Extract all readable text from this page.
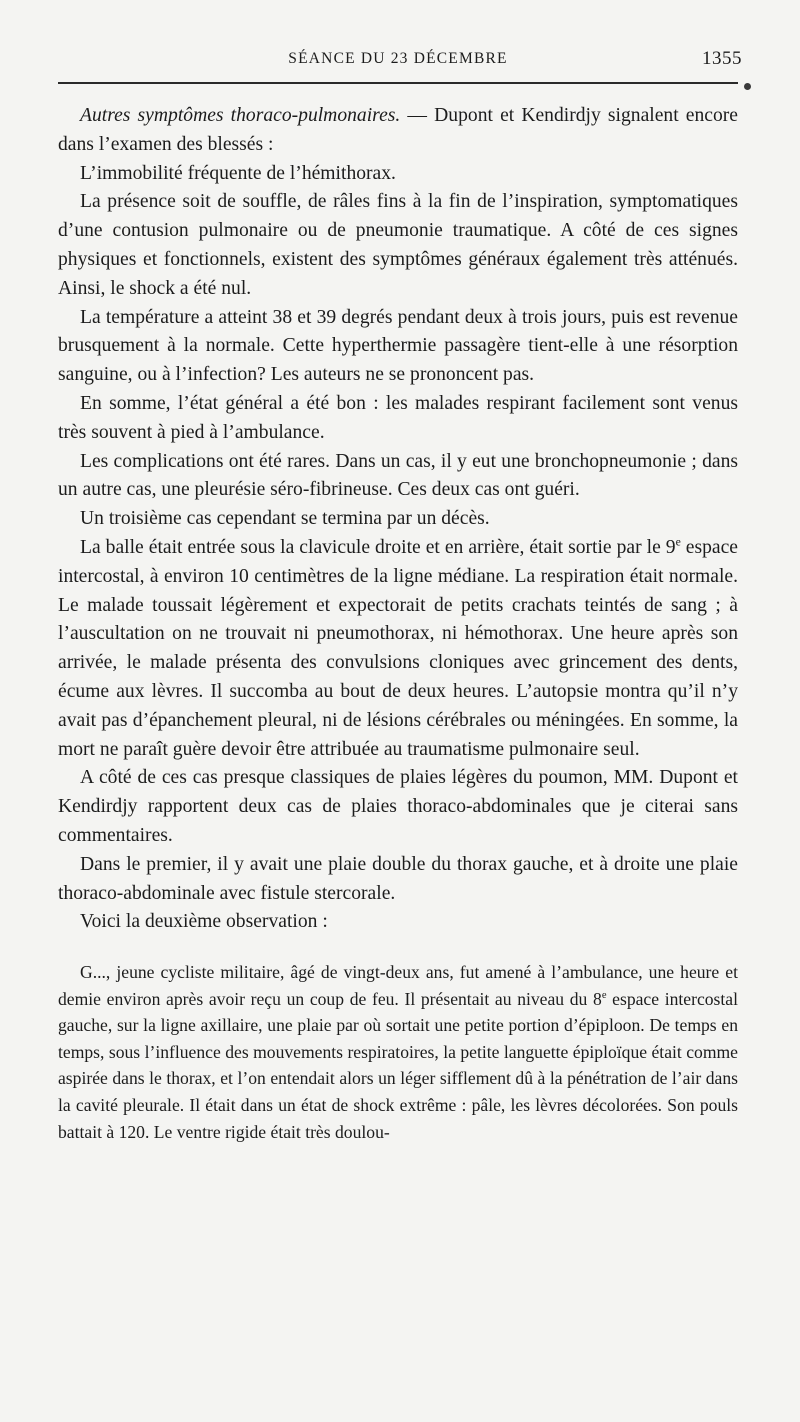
SÉANCE DU 23 DÉCEMBRE	1355

Autres symptômes thoraco-pulmonaires. — Dupont et Kendirdjy signalent encore dans l’examen des blessés :

L’immobilité fréquente de l’hémithorax.

La présence soit de souffle, de râles fins à la fin de l’inspiration, symptomatiques d’une contusion pulmonaire ou de pneumonie traumatique. A côté de ces signes physiques et fonctionnels, existent des symptômes généraux également très atténués. Ainsi, le shock a été nul.

La température a atteint 38 et 39 degrés pendant deux à trois jours, puis est revenue brusquement à la normale. Cette hyperthermie passagère tient-elle à une résorption sanguine, ou à l’infection? Les auteurs ne se prononcent pas.

En somme, l’état général a été bon : les malades respirant facilement sont venus très souvent à pied à l’ambulance.

Les complications ont été rares. Dans un cas, il y eut une bronchopneumonie ; dans un autre cas, une pleurésie séro-fibrineuse. Ces deux cas ont guéri.

Un troisième cas cependant se termina par un décès.

La balle était entrée sous la clavicule droite et en arrière, était sortie par le 9e espace intercostal, à environ 10 centimètres de la ligne médiane. La respiration était normale. Le malade toussait légèrement et expectorait de petits crachats teintés de sang ; à l’auscultation on ne trouvait ni pneumothorax, ni hémothorax. Une heure après son arrivée, le malade présenta des convulsions cloniques avec grincement des dents, écume aux lèvres. Il succomba au bout de deux heures. L’autopsie montra qu’il n’y avait pas d’épanchement pleural, ni de lésions cérébrales ou méningées. En somme, la mort ne paraît guère devoir être attribuée au traumatisme pulmonaire seul.

A côté de ces cas presque classiques de plaies légères du poumon, MM. Dupont et Kendirdjy rapportent deux cas de plaies thoraco-abdominales que je citerai sans commentaires.

Dans le premier, il y avait une plaie double du thorax gauche, et à droite une plaie thoraco-abdominale avec fistule stercorale.

Voici la deuxième observation :

G..., jeune cycliste militaire, âgé de vingt-deux ans, fut amené à l’ambulance, une heure et demie environ après avoir reçu un coup de feu. Il présentait au niveau du 8e espace intercostal gauche, sur la ligne axillaire, une plaie par où sortait une petite portion d’épiploon. De temps en temps, sous l’influence des mouvements respiratoires, la petite languette épiploïque était comme aspirée dans le thorax, et l’on entendait alors un léger sifflement dû à la pénétration de l’air dans la cavité pleurale. Il était dans un état de shock extrême : pâle, les lèvres décolorées. Son pouls battait à 120. Le ventre rigide était très doulou-
